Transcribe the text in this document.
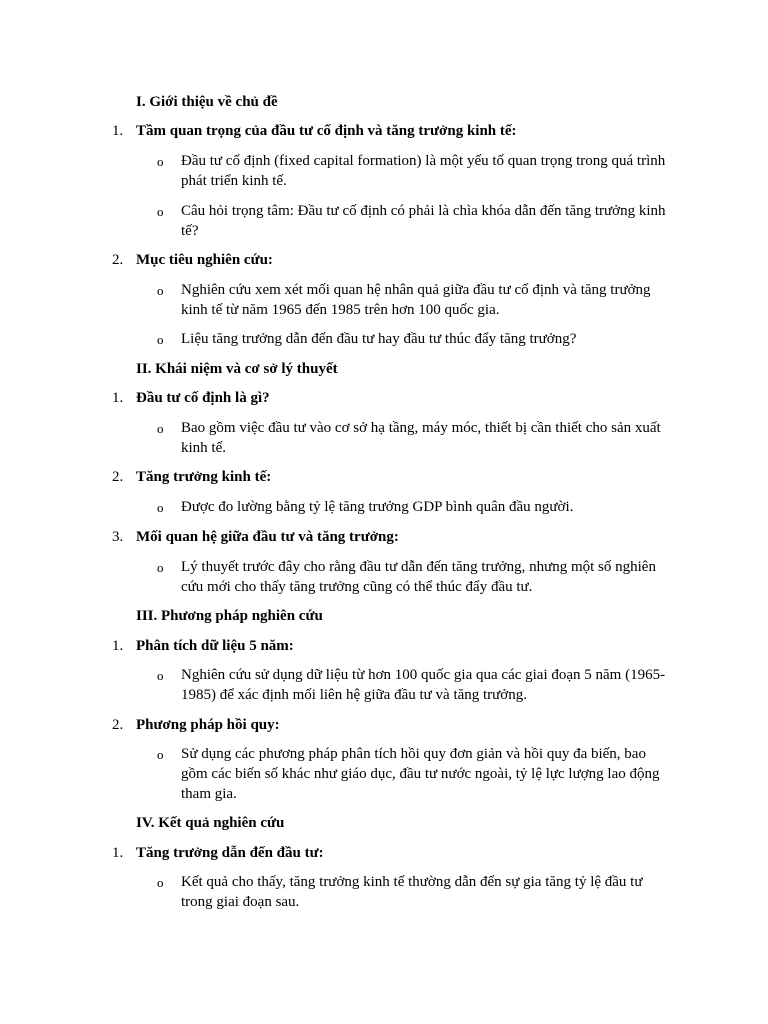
I. Giới thiệu về chủ đề
1. Tầm quan trọng của đầu tư cố định và tăng trưởng kinh tế:
o Đầu tư cố định (fixed capital formation) là một yếu tố quan trọng trong quá trình phát triển kinh tế.
o Câu hỏi trọng tâm: Đầu tư cố định có phải là chìa khóa dẫn đến tăng trưởng kinh tế?
2. Mục tiêu nghiên cứu:
o Nghiên cứu xem xét mối quan hệ nhân quả giữa đầu tư cố định và tăng trưởng kinh tế từ năm 1965 đến 1985 trên hơn 100 quốc gia.
o Liệu tăng trưởng dẫn đến đầu tư hay đầu tư thúc đẩy tăng trưởng?
II. Khái niệm và cơ sở lý thuyết
1. Đầu tư cố định là gì?
o Bao gồm việc đầu tư vào cơ sở hạ tầng, máy móc, thiết bị cần thiết cho sản xuất kinh tế.
2. Tăng trưởng kinh tế:
o Được đo lường bằng tỷ lệ tăng trưởng GDP bình quân đầu người.
3. Mối quan hệ giữa đầu tư và tăng trưởng:
o Lý thuyết trước đây cho rằng đầu tư dẫn đến tăng trưởng, nhưng một số nghiên cứu mới cho thấy tăng trưởng cũng có thể thúc đẩy đầu tư.
III. Phương pháp nghiên cứu
1. Phân tích dữ liệu 5 năm:
o Nghiên cứu sử dụng dữ liệu từ hơn 100 quốc gia qua các giai đoạn 5 năm (1965-1985) để xác định mối liên hệ giữa đầu tư và tăng trưởng.
2. Phương pháp hồi quy:
o Sử dụng các phương pháp phân tích hồi quy đơn giản và hồi quy đa biến, bao gồm các biến số khác như giáo dục, đầu tư nước ngoài, tỷ lệ lực lượng lao động tham gia.
IV. Kết quả nghiên cứu
1. Tăng trưởng dẫn đến đầu tư:
o Kết quả cho thấy, tăng trưởng kinh tế thường dẫn đến sự gia tăng tỷ lệ đầu tư trong giai đoạn sau.
